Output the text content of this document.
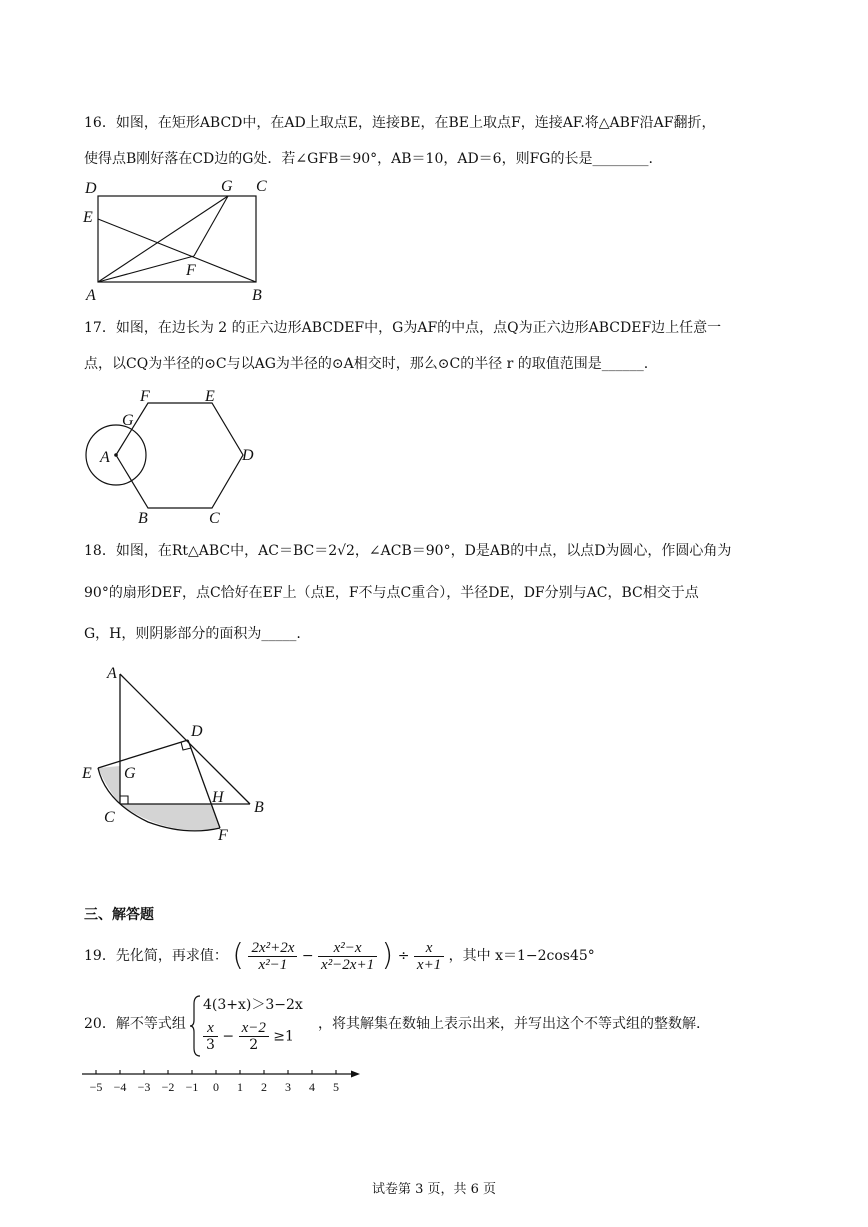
16．如图，在矩形ABCD中，在AD上取点E，连接BE，在BE上取点F，连接AF.将△ABF沿AF翻折，
使得点B刚好落在CD边的G处．若∠GFB＝90°，AB＝10，AD＝6，则FG的长是________.
D	G C
E
F
A	B
17．如图，在边长为 2 的正六边形ABCDEF中，G为AF的中点，点Q为正六边形ABCDEF边上任意一
点，以CQ为半径的⊙C与以AG为半径的⊙A相交时，那么⊙C的半径 r 的取值范围是______.
F	E
G
A	D
B	C
18．如图，在Rt△ABC中，AC＝BC＝2√2，∠ACB＝90°，D是AB的中点，以点D为圆心，作圆心角为
90°的扇形DEF，点C恰好在EF上（点E，F不与点C重合），半径DE，DF分别与AC，BC相交于点
G，H，则阴影部分的面积为_____.
A
D
E G
H
B
C
F
三、解答题
19．先化简，再求值： ( $\frac{\text{2x²+2x}}{\text{x²−1}} - \frac{\text{x²−x}}{\text{x²−2x+1}}$ ) ÷ $\frac{x}{x+1}$ ，其中 x＝1−2cos45°
20．解不等式组
4(3+x)＞3−2x
$\frac{x}{3} - \frac{x-2}{2} \ge 1$
，将其解集在数轴上表示出来，并写出这个不等式组的整数解.
−5 −4 −3 −2 −1 0 1 2 3 4 5
试卷第 3 页，共 6 页
